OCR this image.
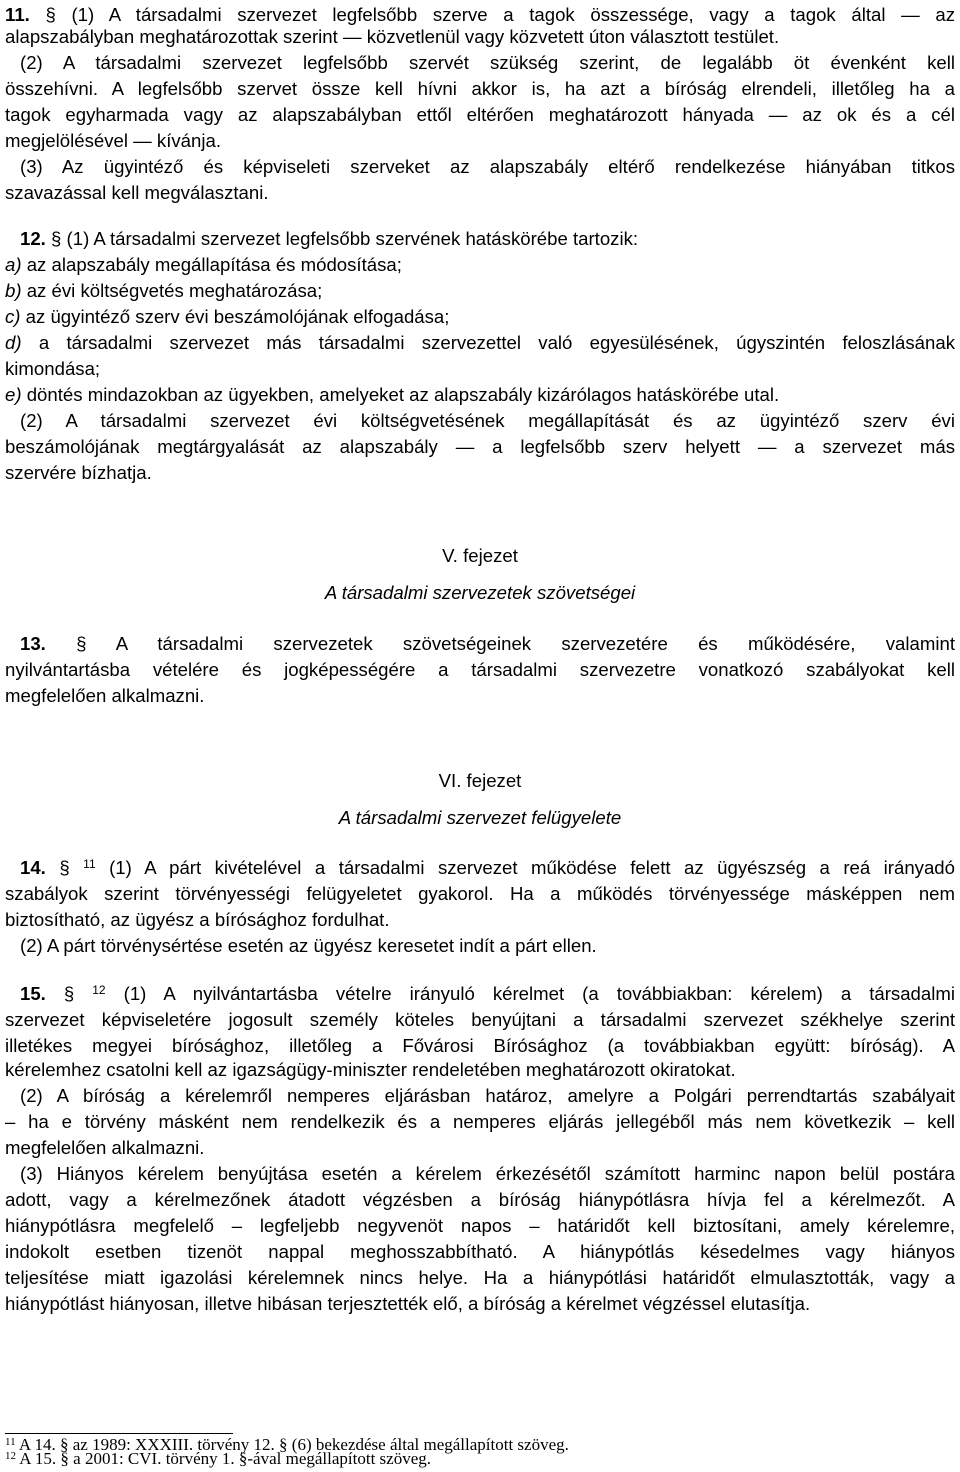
11. § (1) A társadalmi szervezet legfelsőbb szerve a tagok összessége, vagy a tagok által — az
alapszabályban meghatározottak szerint — közvetlenül vagy közvetett úton választott testület.
(2) A társadalmi szervezet legfelsőbb szervét szükség szerint, de legalább öt évenként kell
összehívni. A legfelsőbb szervet össze kell hívni akkor is, ha azt a bíróság elrendeli, illetőleg ha a
tagok egyharmada vagy az alapszabályban ettől eltérően meghatározott hányada — az ok és a cél
megjelölésével — kívánja.
(3) Az ügyintéző és képviseleti szerveket az alapszabály eltérő rendelkezése hiányában titkos
szavazással kell megválasztani.
12. § (1) A társadalmi szervezet legfelsőbb szervének hatáskörébe tartozik:
a) az alapszabály megállapítása és módosítása;
b) az évi költségvetés meghatározása;
c) az ügyintéző szerv évi beszámolójának elfogadása;
d) a társadalmi szervezet más társadalmi szervezettel való egyesülésének, úgyszintén feloszlásának
kimondása;
e) döntés mindazokban az ügyekben, amelyeket az alapszabály kizárólagos hatáskörébe utal.
(2) A társadalmi szervezet évi költségvetésének megállapítását és az ügyintéző szerv évi
beszámolójának megtárgyalását az alapszabály — a legfelsőbb szerv helyett — a szervezet más
szervére bízhatja.
V. fejezet
A társadalmi szervezetek szövetségei
13. § A társadalmi szervezetek szövetségeinek szervezetére és működésére, valamint
nyilvántartásba vételére és jogképességére a társadalmi szervezetre vonatkozó szabályokat kell
megfelelően alkalmazni.
VI. fejezet
A társadalmi szervezet felügyelete
14. § $^{11}$ (1) A párt kivételével a társadalmi szervezet működése felett az ügyészség a reá irányadó
szabályok szerint törvényességi felügyeletet gyakorol. Ha a működés törvényessége másképpen nem
biztosítható, az ügyész a bírósághoz fordulhat.
(2) A párt törvénysértése esetén az ügyész keresetet indít a párt ellen.
15. § $^{12}$ (1) A nyilvántartásba vételre irányuló kérelmet (a továbbiakban: kérelem) a társadalmi
szervezet képviseletére jogosult személy köteles benyújtani a társadalmi szervezet székhelye szerint
illetékes megyei bírósághoz, illetőleg a Fővárosi Bírósághoz (a továbbiakban együtt: bíróság). A
kérelemhez csatolni kell az igazságügy-miniszter rendeletében meghatározott okiratokat.
(2) A bíróság a kérelemről nemperes eljárásban határoz, amelyre a Polgári perrendtartás szabályait
– ha e törvény másként nem rendelkezik és a nemperes eljárás jellegéből más nem következik – kell
megfelelően alkalmazni.
(3) Hiányos kérelem benyújtása esetén a kérelem érkezésétől számított harminc napon belül postára
adott, vagy a kérelmezőnek átadott végzésben a bíróság hiánypótlásra hívja fel a kérelmezőt. A
hiánypótlásra megfelelő – legfeljebb negyvenöt napos – határidőt kell biztosítani, amely kérelemre,
indokolt esetben tizenöt nappal meghosszabbítható. A hiánypótlás késedelmes vagy hiányos
teljesítése miatt igazolási kérelemnek nincs helye. Ha a hiánypótlási határidőt elmulasztották, vagy a
hiánypótlást hiányosan, illetve hibásan terjesztették elő, a bíróság a kérelmet végzéssel elutasítja.
$^{11}$ A 14. § az 1989: XXXIII. törvény 12. § (6) bekezdése által megállapított szöveg.
$^{12}$ A 15. § a 2001: CVI. törvény 1. §-ával megállapított szöveg.
